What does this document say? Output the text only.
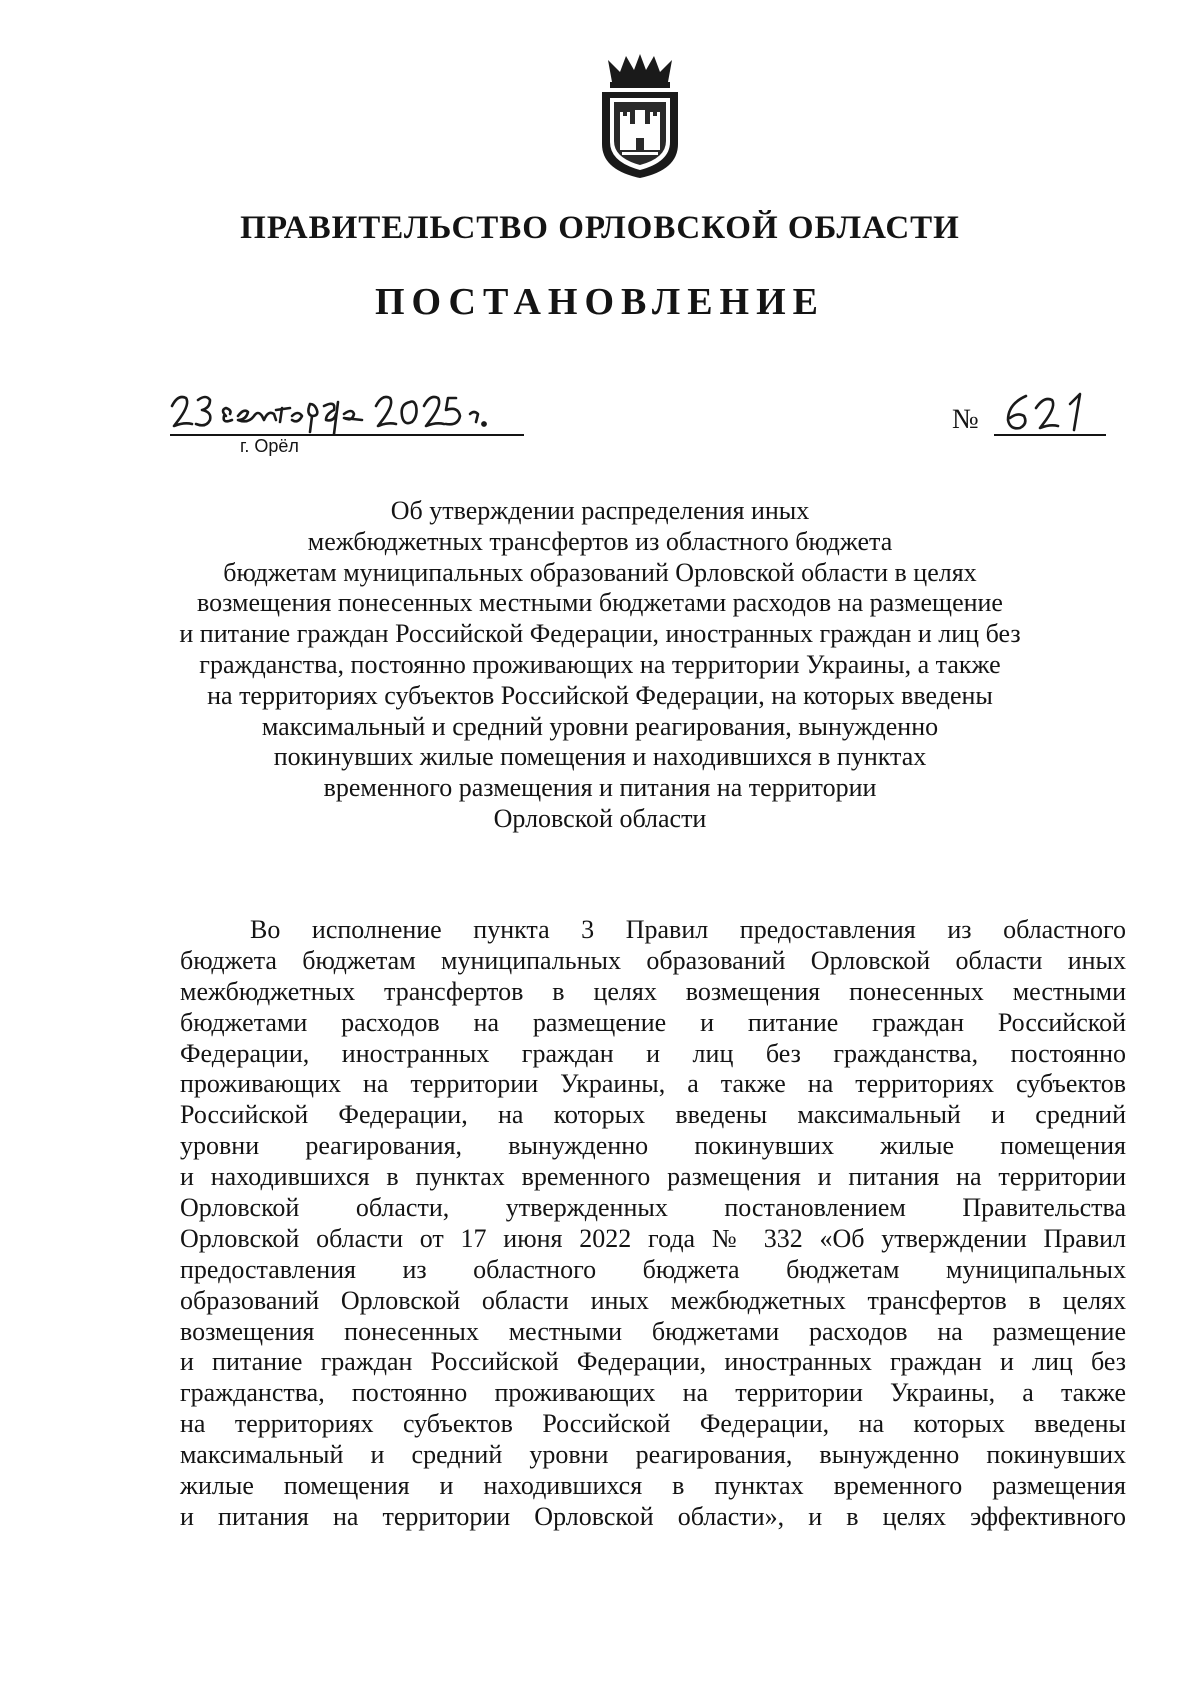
ПРАВИТЕЛЬСТВО ОРЛОВСКОЙ ОБЛАСТИ
ПОСТАНОВЛЕНИЕ
г. Орёл
№
Об утверждении распределения иных
межбюджетных трансфертов из областного бюджета
бюджетам муниципальных образований Орловской области в целях
возмещения понесенных местными бюджетами расходов на размещение
и питание граждан Российской Федерации, иностранных граждан и лиц без
гражданства, постоянно проживающих на территории Украины, а также
на территориях субъектов Российской Федерации, на которых введены
максимальный и средний уровни реагирования, вынужденно
покинувших жилые помещения и находившихся в пунктах
временного размещения и питания на территории
Орловской области
Во исполнение пункта 3 Правил предоставления из областного
бюджета бюджетам муниципальных образований Орловской области иных
межбюджетных трансфертов в целях возмещения понесенных местными
бюджетами расходов на размещение и питание граждан Российской
Федерации, иностранных граждан и лиц без гражданства, постоянно
проживающих на территории Украины, а также на территориях субъектов
Российской Федерации, на которых введены максимальный и средний
уровни реагирования, вынужденно покинувших жилые помещения
и находившихся в пунктах временного размещения и питания на территории
Орловской области, утвержденных постановлением Правительства
Орловской области от 17 июня 2022 года № 332 «Об утверждении Правил
предоставления из областного бюджета бюджетам муниципальных
образований Орловской области иных межбюджетных трансфертов в целях
возмещения понесенных местными бюджетами расходов на размещение
и питание граждан Российской Федерации, иностранных граждан и лиц без
гражданства, постоянно проживающих на территории Украины, а также
на территориях субъектов Российской Федерации, на которых введены
максимальный и средний уровни реагирования, вынужденно покинувших
жилые помещения и находившихся в пунктах временного размещения
и питания на территории Орловской области», и в целях эффективного
